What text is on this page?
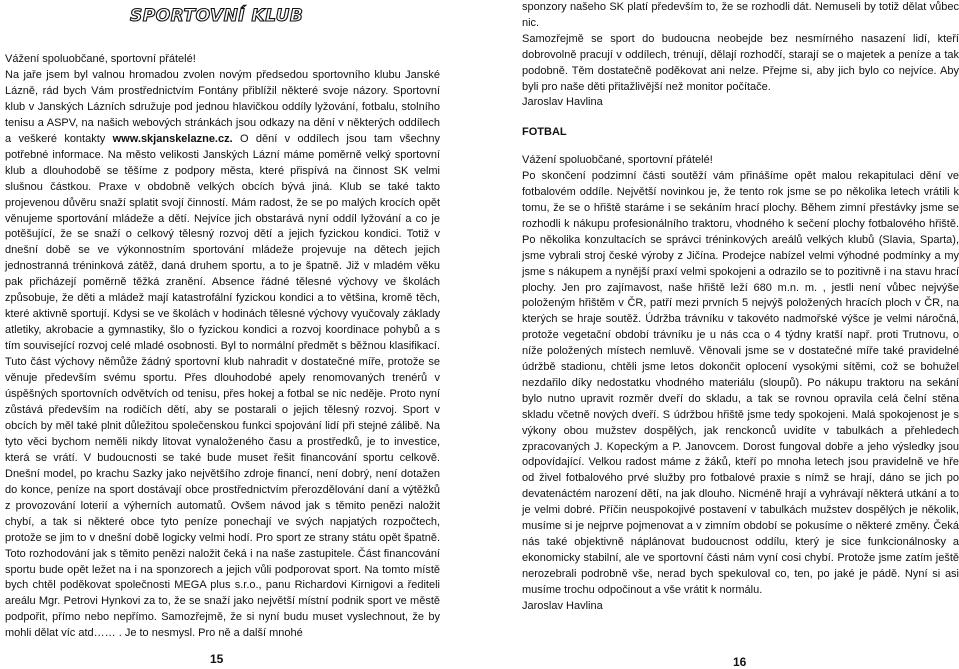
SPORTOVNÍ KLUB

Vážení spoluobčané, sportovní přátelé!

Na jaře jsem byl valnou hromadou zvolen novým předsedou sportovního klubu Janské Lázně, rád bych Vám prostřednictvím Fontány přiblížil některé svoje názory. Sportovní klub v Janských Lázních sdružuje pod jednou hlavičkou oddíly lyžování, fotbalu, stolního tenisu a ASPV, na našich webových stránkách jsou odkazy na dění v některých oddílech a veškeré kontakty www.skjanskelazne.cz. O dění v oddílech jsou tam všechny potřebné informace. Na město velikosti Janských Lázní máme poměrně velký sportovní klub a dlouhodobě se těšíme z podpory města, které přispívá na činnost SK velmi slušnou částkou. Praxe v obdobně velkých obcích bývá jiná. Klub se také takto projevenou důvěru snaží splatit svojí činností. Mám radost, že se po malých krocích opět věnujeme sportování mládeže a dětí. Nejvíce jich obstarává nyní oddíl lyžování a co je potěšující, že se snaží o celkový tělesný rozvoj dětí a jejich fyzickou kondici. Totiž v dnešní době se ve výkonnostním sportování mládeže projevuje na dětech jejich jednostranná tréninková zátěž, daná druhem sportu, a to je špatně. Již v mladém věku pak přicházejí poměrně těžká zranění. Absence řádné tělesné výchovy ve školách způsobuje, že děti a mládež mají katastrofální fyzickou kondici a to většina, kromě těch, které aktivně sportují. Kdysi se ve školách v hodinách tělesné výchovy vyučovaly základy atletiky, akrobacie a gymnastiky, šlo o fyzickou kondici a rozvoj koordinace pohybů a s tím související rozvoj celé mladé osobnosti. Byl to normální předmět s běžnou klasifikací. Tuto část výchovy němůže žádný sportovní klub nahradit v dostatečné míře, protože se věnuje především svému sportu. Přes dlouhodobé apely renomovaných trenérů v úspěšných sportovních odvětvích od tenisu, přes hokej a fotbal se nic neděje. Proto nyní zůstává především na rodičích dětí, aby se postarali o jejich tělesný rozvoj. Sport v obcích by měl také plnit důležitou společenskou funkci spojování lidí při stejné zálibě. Na tyto věci bychom neměli nikdy litovat vynaloženého času a prostředků, je to investice, která se vrátí. V budoucnosti se také bude muset řešit financování sportu celkově. Dnešní model, po krachu Sazky jako největšího zdroje financí, není dobrý, není dotažen do konce, peníze na sport dostávají obce prostřednictvím přerozdělování daní a výtěžků z provozování loterií a výherních automatů. Ovšem návod jak s těmito penězi naložit chybí, a tak si některé obce tyto peníze ponechají ve svých napjatých rozpočtech, protože se jim to v dnešní době logicky velmi hodí. Pro sport ze strany státu opět špatně. Toto rozhodování jak s těmito penězi naložit čeká i na naše zastupitele. Část financování sportu bude opět ležet na i na sponzorech a jejich vůli podporovat sport. Na tomto místě bych chtěl poděkovat společnosti MEGA plus s.r.o., panu Richardovi Kirnigovi a řediteli areálu Mgr. Petrovi Hynkovi za to, že se snaží jako největší místní podnik sport ve městě podpořit, přímo nebo nepřímo. Samozřejmě, že si nyní budu muset vyslechnout, že by mohli dělat víc atd…… . Je to nesmysl. Pro ně a další mnohé

15

sponzory našeho SK platí především to, že se rozhodli dát. Nemuseli by totiž dělat vůbec nic.

Samozřejmě se sport do budoucna neobejde bez nesmírného nasazení lidí, kteří dobrovolně pracují v oddílech, trénují, dělají rozhodčí, starají se o majetek a peníze a tak podobně. Těm dostatečně poděkovat ani nelze. Přejme si, aby jich bylo co nejvíce. Aby byli pro naše děti přitažlivější než monitor počítače.

Jaroslav Havlina

FOTBAL

Vážení spoluobčané, sportovní přátelé!

Po skončení podzimní části soutěží vám přinášíme opět malou rekapitulaci dění ve fotbalovém oddíle. Největší novinkou je, že tento rok jsme se po několika letech vrátili k tomu, že se o hřiště staráme i se sekáním hrací plochy. Během zimní přestávky jsme se rozhodli k nákupu profesionálního traktoru, vhodného k sečení plochy fotbalového hřiště. Po několika konzultacích se správci tréninkových areálů velkých klubů (Slavia, Sparta), jsme vybrali stroj české výroby z Jičína. Prodejce nabízel velmi výhodné podmínky a my jsme s nákupem a nynější praxí velmi spokojeni a odrazilo se to pozitivně i na stavu hrací plochy. Jen pro zajímavost, naše hřiště leží 680 m.n. m. , jestli není vůbec nejvýše položeným hřištěm v ČR, patří mezi prvních 5 nejvýš položených hracích ploch v ČR, na kterých se hraje soutěž. Údržba trávníku v takovéto nadmořské výšce je velmi náročná, protože vegetační období trávníku je u nás cca o 4 týdny kratší např. proti Trutnovu, o níže položených místech nemluvě. Věnovali jsme se v dostatečné míře také pravidelné údržbě stadionu, chtěli jsme letos dokončit oplocení vysokými sítěmi, což se bohužel nezdařilo díky nedostatku vhodného materiálu (sloupů). Po nákupu traktoru na sekání bylo nutno upravit rozměr dveří do skladu, a tak se rovnou opravila celá čelní stěna skladu včetně nových dveří. S údržbou hřiště jsme tedy spokojeni. Malá spokojenost je s výkony obou mužstev dospělých, jak renckonců uvidíte v tabulkách a přehledech zpracovaných J. Kopeckým a P. Janovcem. Dorost fungoval dobře a jeho výsledky jsou odpovídající. Velkou radost máme z žáků, kteří po mnoha letech jsou pravidelně ve hře od živel fotbalového prvé služby pro fotbalové praxie s nímž se hrají, dáno se jich po devatenáctém narození dětí, na jak dlouho. Nicméně hrají a vyhrávají některá utkání a to je velmi dobré. Příčin neuspokojivé postavení v tabulkách mužstev dospělých je několik, musíme si je nejprve pojmenovat a v zimním období se pokusíme o některé změny. Čeká nás také objektivně náplánovat budoucnost oddílu, který je sice funkcionálnosky a ekonomicky stabilní, ale ve sportovní části nám vyní cosi chybí. Protože jsme zatím ještě nerozebrali podrobně vše, nerad bych spekuloval co, ten, po jaké je pádě. Nyní si asi musíme trochu odpočinout a vše vrátit k normálu.

Jaroslav Havlina

16
